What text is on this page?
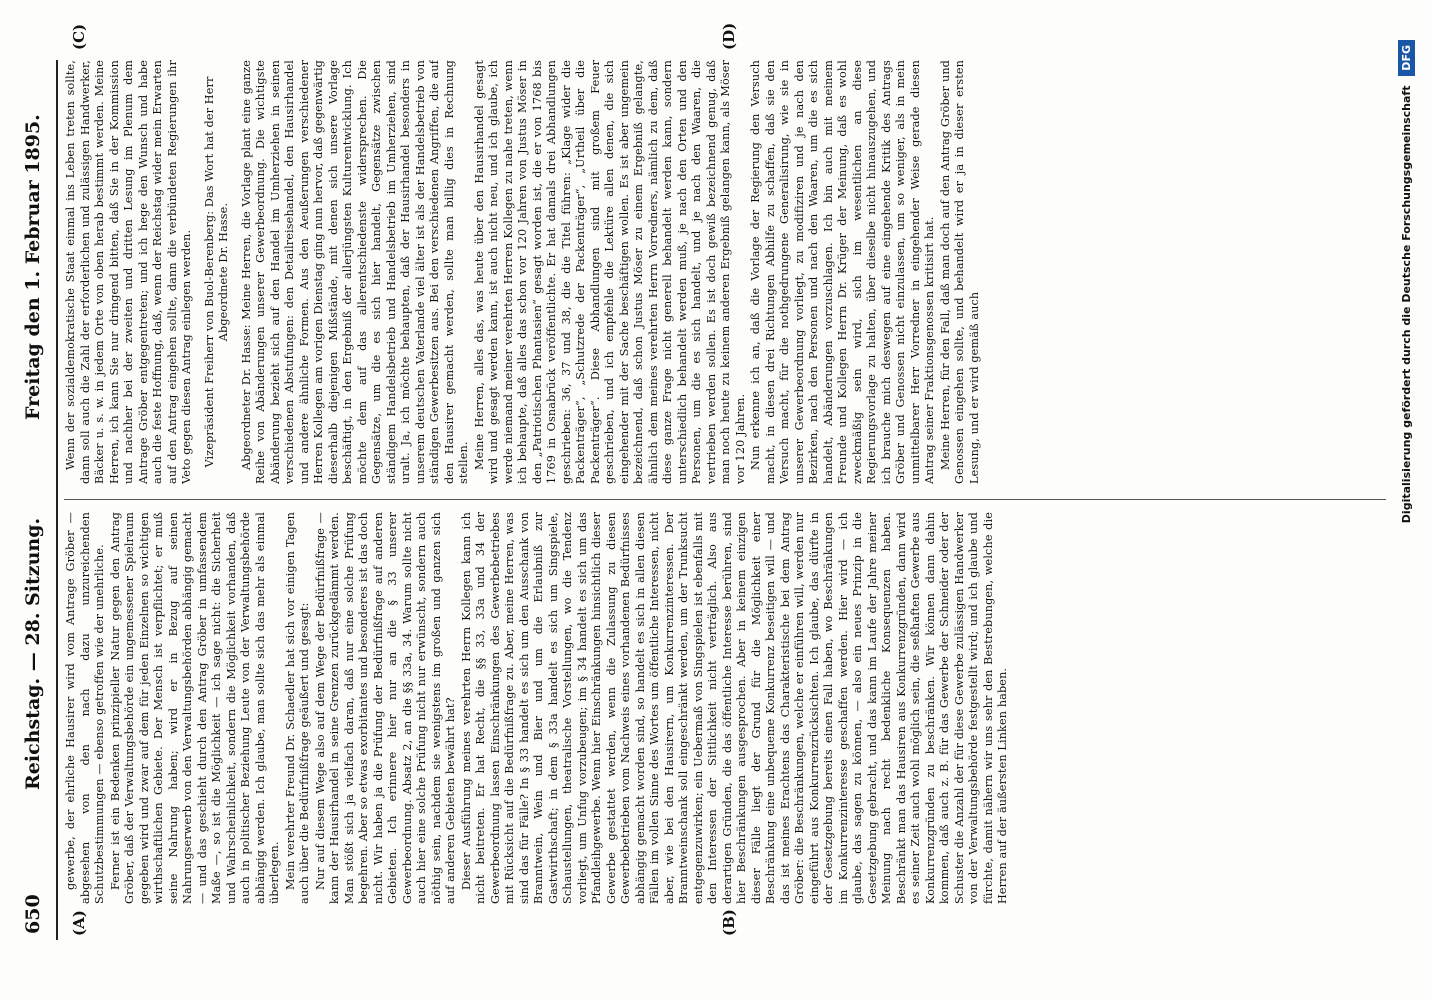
650
Reichstag. — 28. Sitzung.
Freitag den 1. Februar 1895.
(A)	(B)
(C)	(D)

gewerbe, der ehrliche Hausirer wird vom Antrage Gröber — abgesehen von den nach dazu unzureichenden Schutzbestimmungen — ebenso getroffen wie der unehrliche. Ferner ist ein Bedenken prinzipieller Natur gegen den Antrag Gröber, daß der Verwaltungsbehörde ein ungemessener Spielraum gegeben wird und zwar auf dem für jeden Einzelnen so wichtigen wirthschaftlichen Gebiete. Der Mensch ist verpflichtet; er muß seine Nahrung haben; wird er in Bezug auf seinen Nahrungserwerb von den Verwaltungsbehörden abhängig gemacht — und das geschieht durch den Antrag Gröber in umfassendem Maße —, so ist die Möglichkeit — ich sage nicht: die Sicherheit und Wahrscheinlichkeit, sondern die Möglichkeit vorhanden, daß auch in politischer Beziehung Leute von der Verwaltungsbehörde abhängig werden. Ich glaube, man sollte sich das mehr als einmal überlegen. Mein verehrter Freund Dr. Schaedler hat sich vor einigen Tagen auch über die Bedürfnißfrage geäußert und gesagt: Nur auf diesem Wege also auf dem Wege der Bedürfnißfrage — kann der Hausirhandel in seine Grenzen zurückgedämmt werden. Man stößt sich ja vielfach daran, daß nur eine solche Prüfung begehren. Aber so etwas exorbitantes und besonderes ist das doch nicht. Wir haben ja die Prüfung der Bedürfnißfrage auf anderen Gebieten. Ich erinnere hier nur an die § 33 unserer Gewerbeordnung. Absatz 2, an die §§ 33a, 34. Warum sollte nicht auch hier eine solche Prüfung nicht nur erwünscht, sondern auch nöthig sein, nachdem sie wenigstens im großen und ganzen sich auf anderen Gebieten bewährt hat? Dieser Ausführung meines verehrten Herrn Kollegen kann ich nicht beitreten. Er hat Recht, die §§ 33, 33a und 34 der Gewerbeordnung lassen Einschränkungen des Gewerbebetriebes mit Rücksicht auf die Bedürfnißfrage zu. Aber, meine Herren, was sind das für Fälle? In § 33 handelt es sich um den Ausschank von Branntwein, Wein und Bier und um die Erlaubniß zur Gastwirthschaft; in dem § 33a handelt es sich um Singspiele, Schaustellungen, theatralische Vorstellungen, wo die Tendenz vorliegt, um Unfug vorzubeugen; im § 34 handelt es sich um das Pfandleihgewerbe. Wenn hier Einschränkungen hinsichtlich dieser Gewerbe gestattet werden, wenn die Zulassung zu diesen Gewerbebetrieben vom Nachweis eines vorhandenen Bedürfnisses abhängig gemacht worden sind, so handelt es sich in allen diesen Fällen im vollen Sinne des Wortes um öffentliche Interessen, nicht aber, wie bei den Hausirern, um Konkurrenzinteressen. Der Branntweinschank soll eingeschränkt werden, um der Trunksucht entgegenzuwirken; ein Uebermaß von Singspielen ist ebenfalls mit den Interessen der Sittlichkeit nicht verträglich. Also aus derartigen Gründen, die das öffentliche Interesse berühren, sind hier Beschränkungen ausgesprochen. Aber in keinem einzigen dieser Fälle liegt der Grund für die Möglichkeit einer Beschränkung eine unbequeme Konkurrenz beseitigen will — und das ist meines Erachtens das Charakteristische bei dem Antrag Gröber: die Beschränkungen, welche er einführen will, werden nur eingeführt aus Konkurrenzrücksichten. Ich glaube, das dürfte in der Gesetzgebung bereits einen Fall haben, wo Beschränkungen im Konkurrenzinteresse geschaffen werden. Hier wird — ich glaube, das sagen zu können, — also ein neues Prinzip in die Gesetzgebung gebracht, und das kann im Laufe der Jahre meiner Meinung nach recht bedenkliche Konsequenzen haben. Beschränkt man das Hausiren aus Konkurrenzgründen, dann wird es seiner Zeit auch wohl möglich sein, die seßhaften Gewerbe aus Konkurrenzgründen zu beschränken. Wir können dann dahin kommen, daß auch z. B. für das Gewerbe der Schneider oder der Schuster die Anzahl der für diese Gewerbe zulässigen Handwerker von der Verwaltungsbehörde festgestellt wird; und ich glaube und fürchte, damit nähern wir uns sehr den Bestrebungen, welche die Herren auf der äußersten Linken haben.

Wenn der sozialdemokratische Staat einmal ins Leben treten sollte, dann soll auch die Zahl der erforderlichen und zulässigen Handwerker, Bäcker u. s. w. in jedem Orte von oben herab bestimmt werden. Meine Herren, ich kann Sie nur dringend bitten, daß Sie in der Kommission und nachher bei der zweiten und dritten Lesung im Plenum dem Antrage Gröber entgegentreten; und ich hege den Wunsch und habe auch die feste Hoffnung, daß, wenn der Reichstag wider mein Erwarten auf den Antrag eingehen sollte, dann die verbündeten Regierungen ihr Veto gegen diesen Antrag einlegen werden. Vizepräsident Freiherr von Buol-Berenberg: Das Wort hat der Herr Abgeordnete Dr. Hasse. Abgeordneter Dr. Hasse: Meine Herren, die Vorlage plant eine ganze Reihe von Abänderungen unserer Gewerbeordnung. Die wichtigste Abänderung bezieht sich auf den Handel im Umherziehen in seinen verschiedenen Abstufungen: den Detailreisehandel, den Hausirhandel und andere ähnliche Formen. Aus den Aeußerungen verschiedener Herren Kollegen am vorigen Dienstag ging nun hervor, daß gegenwärtig dieserhalb diejenigen Mißstände, mit denen sich unsere Vorlage beschäftigt, in den Ergebniß der allerjüngsten Kulturentwicklung. Ich möchte dem auf das allerentschiedenste widersprechen. Die Gegensätze, um die es sich hier handelt, Gegensätze zwischen ständigem Handelsbetrieb und Handelsbetrieb im Umherziehen, sind uralt. Ja, ich möchte behaupten, daß der Hausirhandel besonders in unserem deutschen Vaterlande viel älter ist als der Handelsbetrieb von ständigen Gewerbesitzen aus. Bei den verschiedenen Angriffen, die auf den Hausirer gemacht werden, sollte man billig dies in Rechnung stellen. Meine Herren, alles das, was heute über den Hausirhandel gesagt wird und gesagt werden kann, ist auch nicht neu, und ich glaube, ich werde niemand meiner verehrten Herren Kollegen zu nahe treten, wenn ich behaupte, daß alles das schon vor 120 Jahren von Justus Möser in den „Patriotischen Phantasien“ gesagt worden ist, die er von 1768 bis 1769 in Osnabrück veröffentlichte. Er hat damals drei Abhandlungen geschrieben: 36, 37 und 38, die die Titel führen: „Klage wider die Packenträger“, „Schutzrede der Packenträger“, „Urtheil über die Packenträger“. Diese Abhandlungen sind mit großem Feuer geschrieben, und ich empfehle die Lektüre allen denen, die sich eingehender mit der Sache beschäftigen wollen. Es ist aber ungemein bezeichnend, daß schon Justus Möser zu einem Ergebniß gelangte, ähnlich dem meines verehrten Herrn Vorredners, nämlich zu dem, daß diese ganze Frage nicht generell behandelt werden kann, sondern unterschiedlich behandelt werden muß, je nach den Orten und den Personen, um die es sich handelt, und je nach den Waaren, die vertrieben werden sollen. Es ist doch gewiß bezeichnend genug, daß man noch heute zu keinem anderen Ergebniß gelangen kann, als Möser vor 120 Jahren. Nun erkenne ich an, daß die Vorlage der Regierung den Versuch macht, in diesen drei Richtungen Abhilfe zu schaffen, daß sie den Versuch macht, für die nothgedrungene Generalisirung, wie sie in unserer Gewerbeordnung vorliegt, zu modifiziren und je nach den Bezirken, nach den Personen und nach den Waaren, um die es sich handelt, Abänderungen vorzuschlagen. Ich bin auch mit meinem Freunde und Kollegen Herrn Dr. Krüger der Meinung, daß es wohl zweckmäßig sein wird, sich im wesentlichen an diese Regierungsvorlage zu halten, über dieselbe nicht hinauszugehen, und ich brauche mich deswegen auf eine eingehende Kritik des Antrags Gröber und Genossen nicht einzulassen, um so weniger, als in mein unmittelbarer Herr Vorredner in eingehender Weise gerade diesen Antrag seiner Fraktionsgenossen kritisirt hat. Meine Herren, für den Fall, daß man doch auf den Antrag Gröber und Genossen eingehen sollte, und behandelt wird er ja in dieser ersten Lesung, und er wird gemäß auch	Digitalisierung gefördert durch die Deutsche Forschungsgemeinschaft DFG
